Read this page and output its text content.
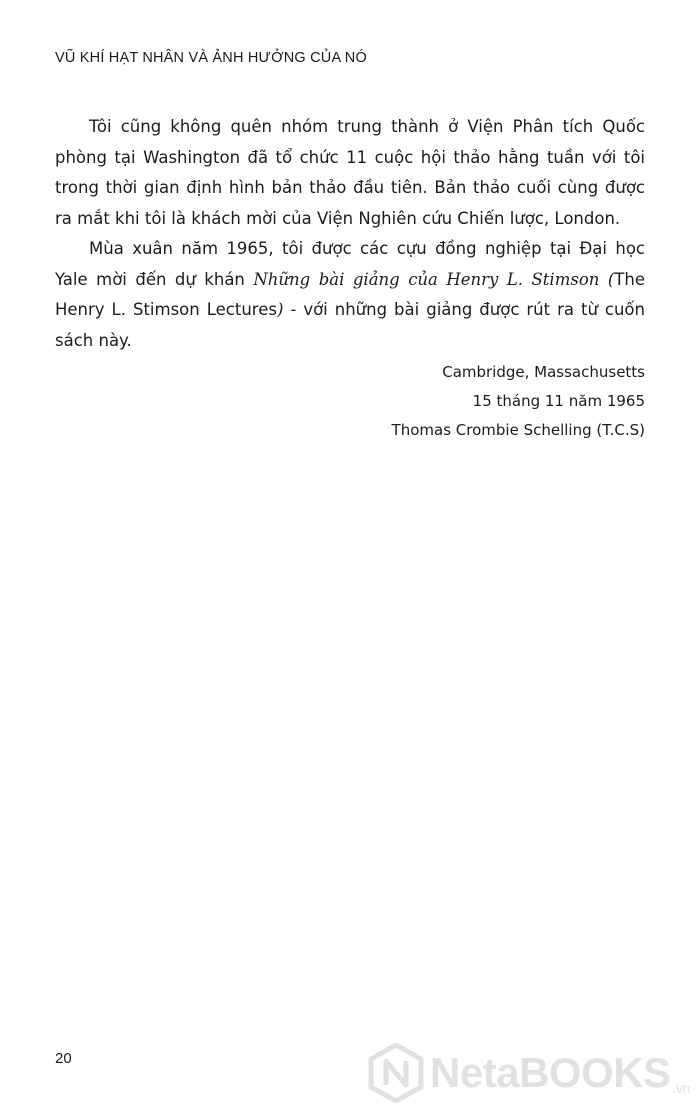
VŨ KHÍ HẠT NHÂN VÀ ẢNH HƯỞNG CỦA NÓ

Tôi cũng không quên nhóm trung thành ở Viện Phân tích Quốc phòng tại Washington đã tổ chức 11 cuộc hội thảo hằng tuần với tôi trong thời gian định hình bản thảo đầu tiên. Bản thảo cuối cùng được ra mắt khi tôi là khách mời của Viện Nghiên cứu Chiến lược, London.

Mùa xuân năm 1965, tôi được các cựu đồng nghiệp tại Đại học Yale mời đến dự khán Những bài giảng của Henry L. Stimson (The Henry L. Stimson Lectures) - với những bài giảng được rút ra từ cuốn sách này.

Cambridge, Massachusetts
15 tháng 11 năm 1965
Thomas Crombie Schelling (T.C.S)
20	NetaBOOKS .vn
